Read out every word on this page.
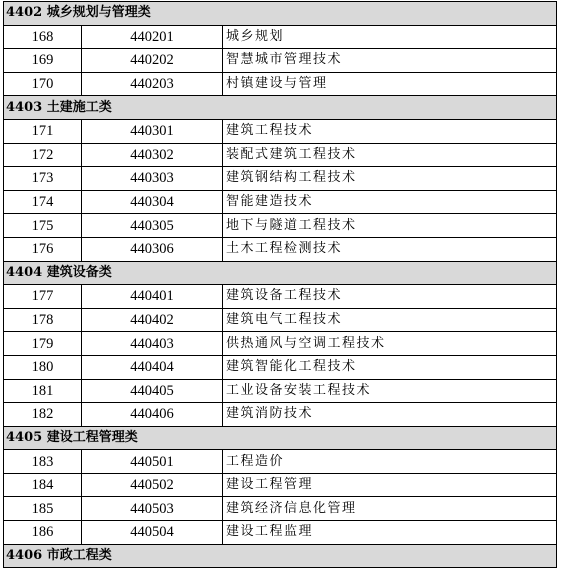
4402 城乡规划与管理类		
168	440201	城乡规划
169	440202	智慧城市管理技术
170	440203	村镇建设与管理
4403 土建施工类		
171	440301	建筑工程技术
172	440302	装配式建筑工程技术
173	440303	建筑钢结构工程技术
174	440304	智能建造技术
175	440305	地下与隧道工程技术
176	440306	土木工程检测技术
4404 建筑设备类		
177	440401	建筑设备工程技术
178	440402	建筑电气工程技术
179	440403	供热通风与空调工程技术
180	440404	建筑智能化工程技术
181	440405	工业设备安装工程技术
182	440406	建筑消防技术
4405 建设工程管理类		
183	440501	工程造价
184	440502	建设工程管理
185	440503	建筑经济信息化管理
186	440504	建设工程监理
4406 市政工程类		
